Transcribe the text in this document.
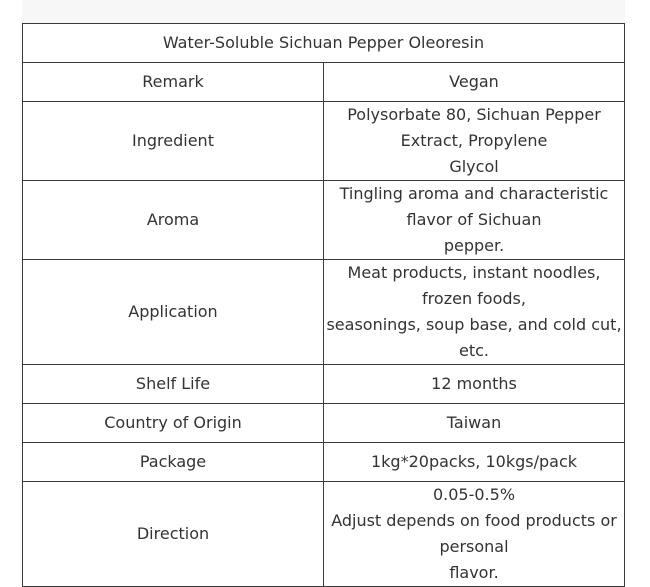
Water-Soluble Sichuan Pepper Oleoresin	
Remark	Vegan

Ingredient	Polysorbate 80, Sichuan Pepper Extract, Propylene
Glycol

Aroma	Tingling aroma and characteristic flavor of Sichuan
pepper.

Application	Meat products, instant noodles, frozen foods,
seasonings, soup base, and cold cut, etc.

Shelf Life	12 months

Country of Origin	Taiwan

Package	1kg*20packs, 10kgs/pack

Direction	0.05-0.5%
Adjust depends on food products or personal
flavor.
